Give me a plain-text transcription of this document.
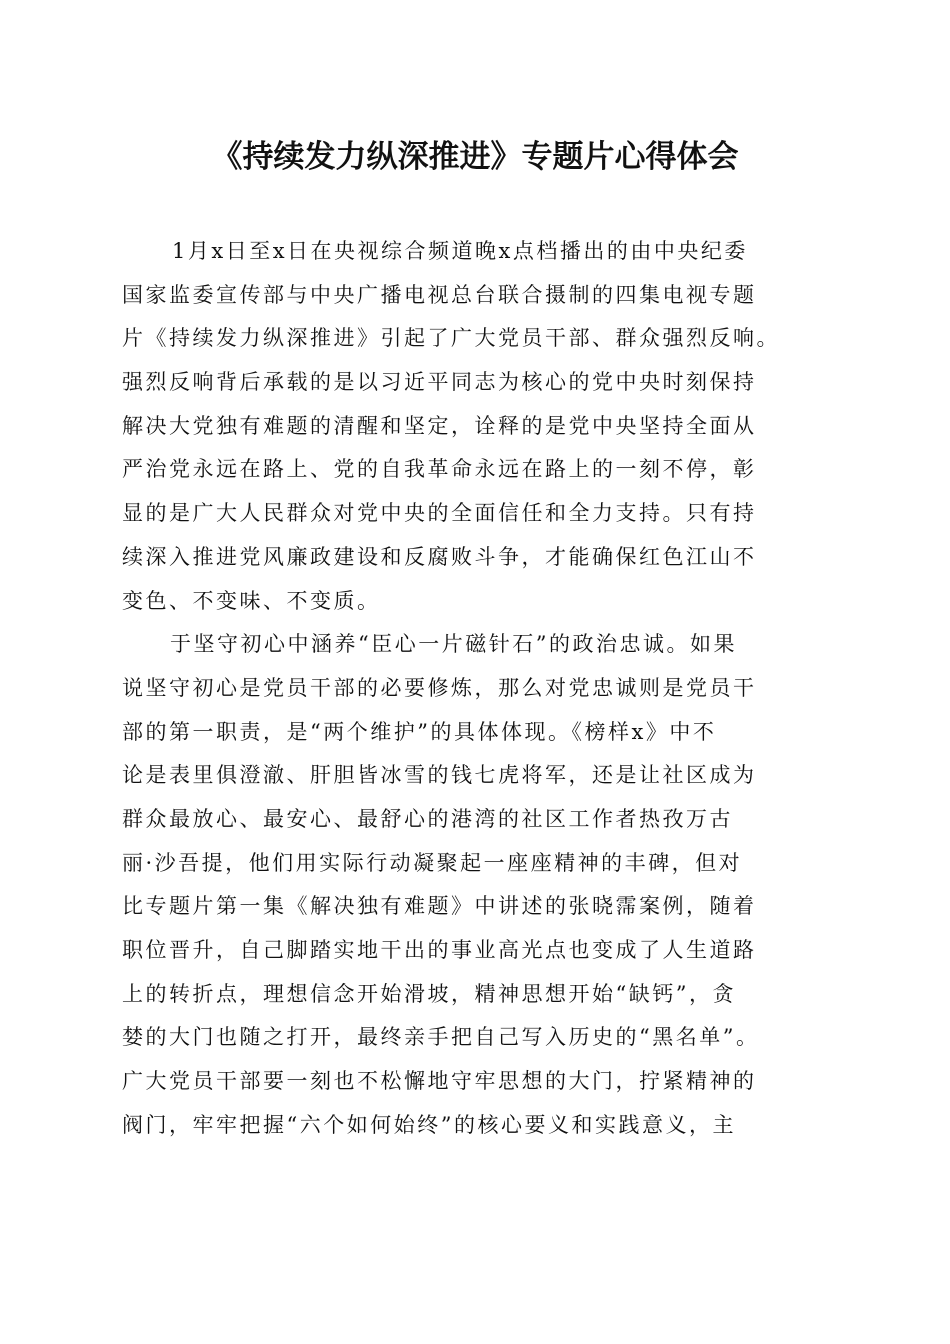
《持续发力纵深推进》专题片心得体会

1月x日至x日在央视综合频道晚x点档播出的由中央纪委

国家监委宣传部与中央广播电视总台联合摄制的四集电视专题

片《持续发力纵深推进》引起了广大党员干部、群众强烈反响。

强烈反响背后承载的是以习近平同志为核心的党中央时刻保持

解决大党独有难题的清醒和坚定，诠释的是党中央坚持全面从

严治党永远在路上、党的自我革命永远在路上的一刻不停，彰

显的是广大人民群众对党中央的全面信任和全力支持。只有持

续深入推进党风廉政建设和反腐败斗争，才能确保红色江山不

变色、不变味、不变质。

于坚守初心中涵养“臣心一片磁针石”的政治忠诚。如果

说坚守初心是党员干部的必要修炼，那么对党忠诚则是党员干

部的第一职责，是“两个维护”的具体体现。《榜样x》中不

论是表里俱澄澈、肝胆皆冰雪的钱七虎将军，还是让社区成为

群众最放心、最安心、最舒心的港湾的社区工作者热孜万古

丽·沙吾提，他们用实际行动凝聚起一座座精神的丰碑，但对

比专题片第一集《解决独有难题》中讲述的张晓霈案例，随着

职位晋升，自己脚踏实地干出的事业高光点也变成了人生道路

上的转折点，理想信念开始滑坡，精神思想开始“缺钙”，贪

婪的大门也随之打开，最终亲手把自己写入历史的“黑名单”。

广大党员干部要一刻也不松懈地守牢思想的大门，拧紧精神的

阀门，牢牢把握“六个如何始终”的核心要义和实践意义，主
